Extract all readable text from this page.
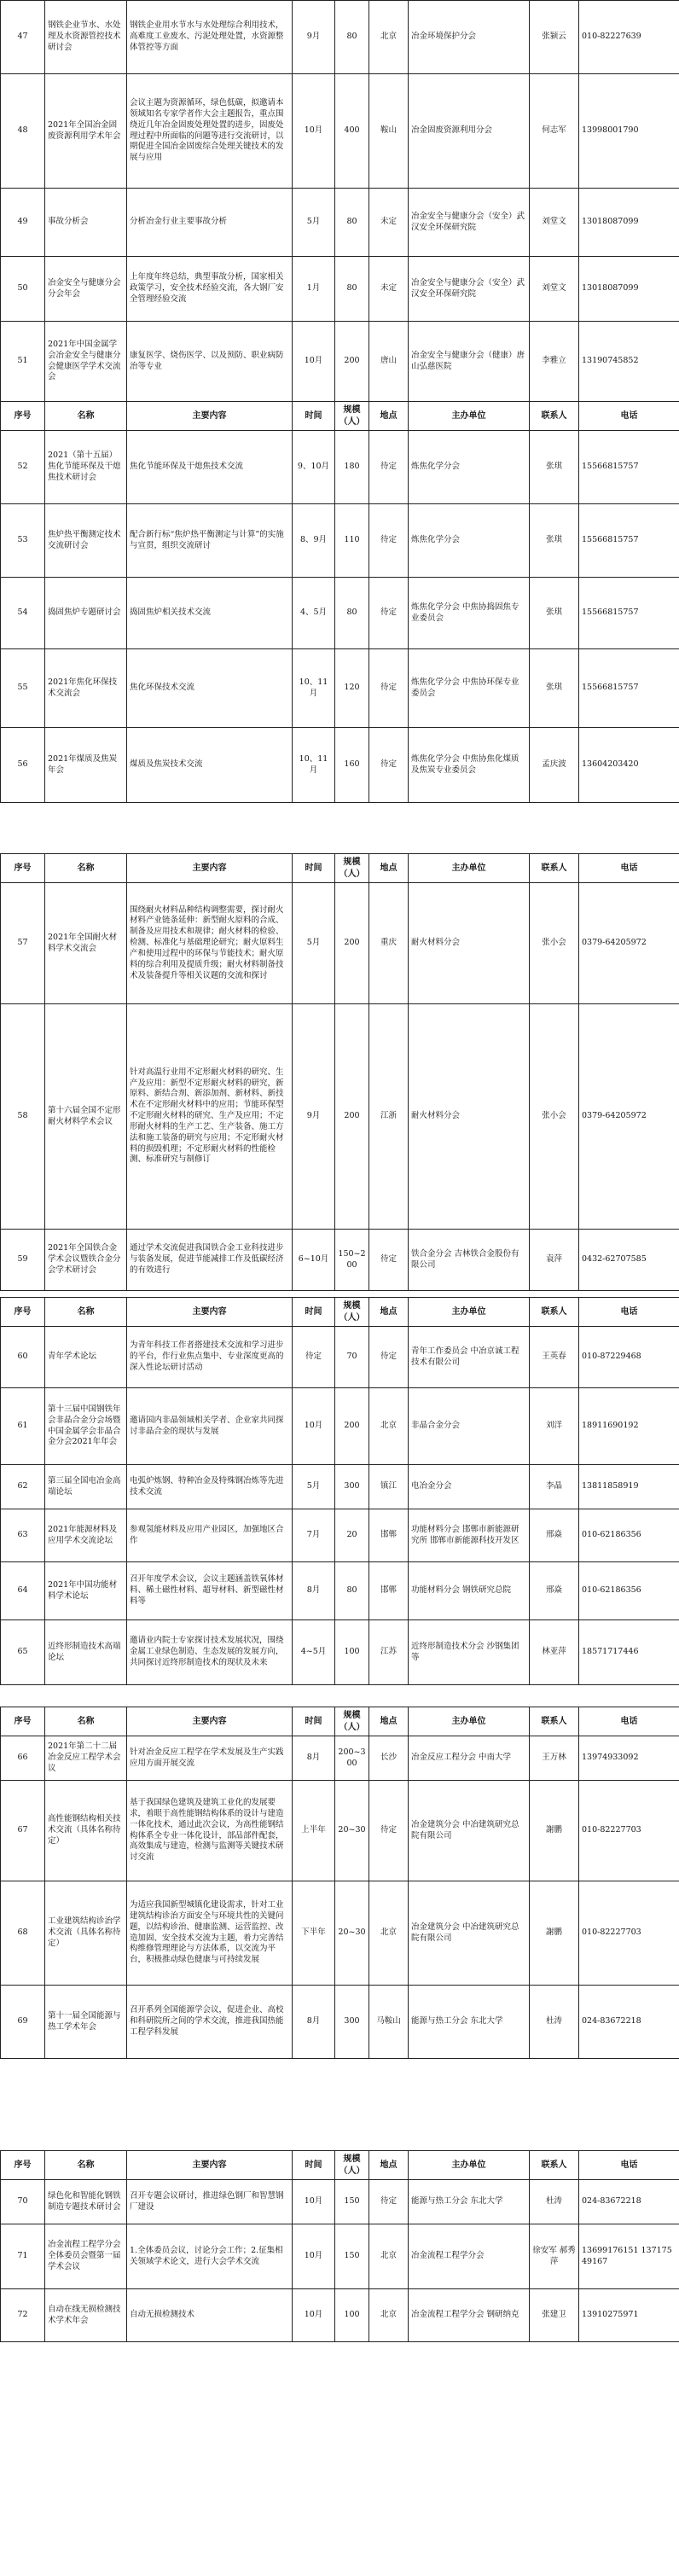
47	钢铁企业节水、水处理及水资源管控技术研讨会	钢铁企业用水节水与水处理综合利用技术，高难度工业废水、污泥处理处置，水资源整体管控等方面	9月	80	北京	冶金环境保护分会	张颍云	010-82227639
48	2021年全国冶金固废资源利用学术年会	会议主题为资源循环，绿色低碳，拟邀请本领域知名专家学者作大会主题报告，重点围绕近几年冶金固废处理处置的进步，固废处理过程中所面临的问题等进行交流研讨，以期促进全国冶金固废综合处理关键技术的发展与应用	10月	400	鞍山	冶金固废资源利用分会	何志军	13998001790
49	事故分析会	分析冶金行业主要事故分析	5月	80	未定	冶金安全与健康分会（安全）武汉安全环保研究院	刘堂文	13018087099
50	冶金安全与健康分会分会年会	上年度年终总结，典型事故分析，国家相关政策学习，安全技术经验交流，各大钢厂安全管理经验交流	1月	80	未定	冶金安全与健康分会（安全）武汉安全环保研究院	刘堂文	13018087099
51	2021年中国金属学会冶金安全与健康分会健康医学学术交流会	康复医学、烧伤医学、以及预防、职业病防治等专业	10月	200	唐山	冶金安全与健康分会（健康）唐山弘慈医院	李雅立	13190745852
序号	名称	主要内容	时间	规模（人）	地点	主办单位	联系人	电话
52	2021（第十五届）焦化节能环保及干熄焦技术研讨会	焦化节能环保及干熄焦技术交流	9、10月	180	待定	炼焦化学分会	张琪	15566815757
53	焦炉热平衡测定技术交流研讨会	配合新行标“焦炉热平衡测定与计算”的实施与宣贯，组织交流研讨	8、9月	110	待定	炼焦化学分会	张琪	15566815757
54	捣固焦炉专题研讨会	捣固焦炉相关技术交流	4、5月	80	待定	炼焦化学分会 中焦协捣固焦专业委员会	张琪	15566815757
55	2021年焦化环保技术交流会	焦化环保技术交流	10、11月	120	待定	炼焦化学分会 中焦协环保专业委员会	张琪	15566815757
56	2021年煤质及焦炭年会	煤质及焦炭技术交流	10、11月	160	待定	炼焦化学分会 中焦协焦化煤质及焦炭专业委员会	孟庆波	13604203420
序号	名称	主要内容	时间	规模（人）	地点	主办单位	联系人	电话
57	2021年全国耐火材料学术交流会	围绕耐火材料品种结构调整需要，探讨耐火材料产业链条延伸：新型耐火原料的合成、制备及应用技术和规律；耐火材料的检验、检测、标准化与基础理论研究；耐火原料生产和使用过程中的环保与节能技术；耐火原料的综合利用及提质升级；耐火材料制备技术及装备提升等相关议题的交流和探讨	5月	200	重庆	耐火材料分会	张小会	0379-64205972
58	第十六届全国不定形耐火材料学术会议	针对高温行业用不定形耐火材料的研究、生产及应用：新型不定形耐火材料的研究，新原料、新结合剂、新添加剂、新材料、新技术在不定形耐火材料中的应用；节能环保型不定形耐火材料的研究、生产及应用；不定形耐火材料的生产工艺、生产装备、施工方法和施工装备的研究与应用；不定形耐火材料的损毁机理；不定形耐火材料的性能检测、标准研究与制修订	9月	200	江浙	耐火材料分会	张小会	0379-64205972
59	2021年全国铁合金学术会议暨铁合金分会学术研讨会	通过学术交流促进我国铁合金工业科技进步与装备发展，促进节能减排工作及低碳经济的有效进行	6~10月	150~200	待定	铁合金分会 吉林铁合金股份有限公司	袁萍	0432-62707585
序号	名称	主要内容	时间	规模（人）	地点	主办单位	联系人	电话
60	青年学术论坛	为青年科技工作者搭建技术交流和学习进步的平台，作行业焦点集中、专业深度更高的深入性论坛研讨活动	待定	70	待定	青年工作委员会 中冶京诚工程技术有限公司	王英春	010-87229468
61	第十三届中国钢铁年会非晶合金分会场暨中国金属学会非晶合金分会2021年年会	邀请国内非晶领域相关学者、企业家共同探讨非晶合金的现状与发展	10月	200	北京	非晶合金分会	刘洋	18911690192
62	第三届全国电冶金高端论坛	电弧炉炼钢、特种冶金及特殊钢冶炼等先进技术交流	5月	300	镇江	电冶金分会	李晶	13811858919
63	2021年能源材料及应用学术交流论坛	参观氢能材料及应用产业园区，加强地区合作	7月	20	邯郸	功能材料分会 邯郸市新能源研究所 邯郸市新能源科技开发区	邢焱	010-62186356
64	2021年中国功能材料学术论坛	召开年度学术会议，会议主题涵盖铁氧体材料、稀土磁性材料、超导材料、新型磁性材料等	8月	80	邯郸	功能材料分会 钢铁研究总院	邢焱	010-62186356
65	近终形制造技术高端论坛	邀请业内院士专家探讨技术发展状况，围绕金属工业绿色制造、生态发展的发展方向，共同探讨近终形制造技术的现状及未来	4~5月	100	江苏	近终形制造技术分会 沙钢集团等	林亚萍	18571717446
序号	名称	主要内容	时间	规模（人）	地点	主办单位	联系人	电话
66	2021年第二十二届冶金反应工程学术会议	针对冶金反应工程学在学术发展及生产实践应用方面开展交流	8月	200~300	长沙	冶金反应工程分会 中南大学	王万林	13974933092
67	高性能钢结构相关技术交流（具体名称待定）	基于我国绿色建筑及建筑工业化的发展要求，着眼于高性能钢结构体系的设计与建造一体化技术，通过此次会议，为高性能钢结构体系全专业一体化设计，部品部件配套，高效集成与建造，检测与监测等关键技术研讨交流	上半年	20~30	待定	冶金建筑分会 中冶建筑研究总院有限公司	謝鹏	010-82227703
68	工业建筑结构诊治学术交流（具体名称待定）	为适应我国新型城镇化建设需求，针对工业建筑结构诊治方面安全与环境共性的关键问题，以结构诊治、健康监测、运营监控、改造加固、安全技术交流为主题，着力完善结构维修管理理论与方法体系，以交流为平台，积极推动绿色健康与可持续发展	下半年	20~30	北京	冶金建筑分会 中冶建筑研究总院有限公司	謝鹏	010-82227703
69	第十一届全国能源与热工学术年会	召开系列全国能源学会议，促进企业、高校和科研院所之间的学术交流，推进我国热能工程学科发展	8月	300	马鞍山	能源与热工分会 东北大学	杜涛	024-83672218
序号	名称	主要内容	时间	规模（人）	地点	主办单位	联系人	电话
70	绿色化和智能化钢铁制造专题技术研讨会	召开专题会议研讨，推进绿色钢厂和智慧钢厂建设	10月	150	待定	能源与热工分会 东北大学	杜涛	024-83672218
71	冶金流程工程学分会全体委员会暨第一届学术会议	1.全体委员会议，讨论分会工作；2.征集相关领域学术论文，进行大会学术交流	10月	150	北京	冶金流程工程学分会	徐安军 郝秀萍	13699176151 13717549167
72	自动在线无损检测技术学术年会	自动无损检测技术	10月	100	北京	冶金流程工程学分会 钢研纳克	张建卫	13910275971
